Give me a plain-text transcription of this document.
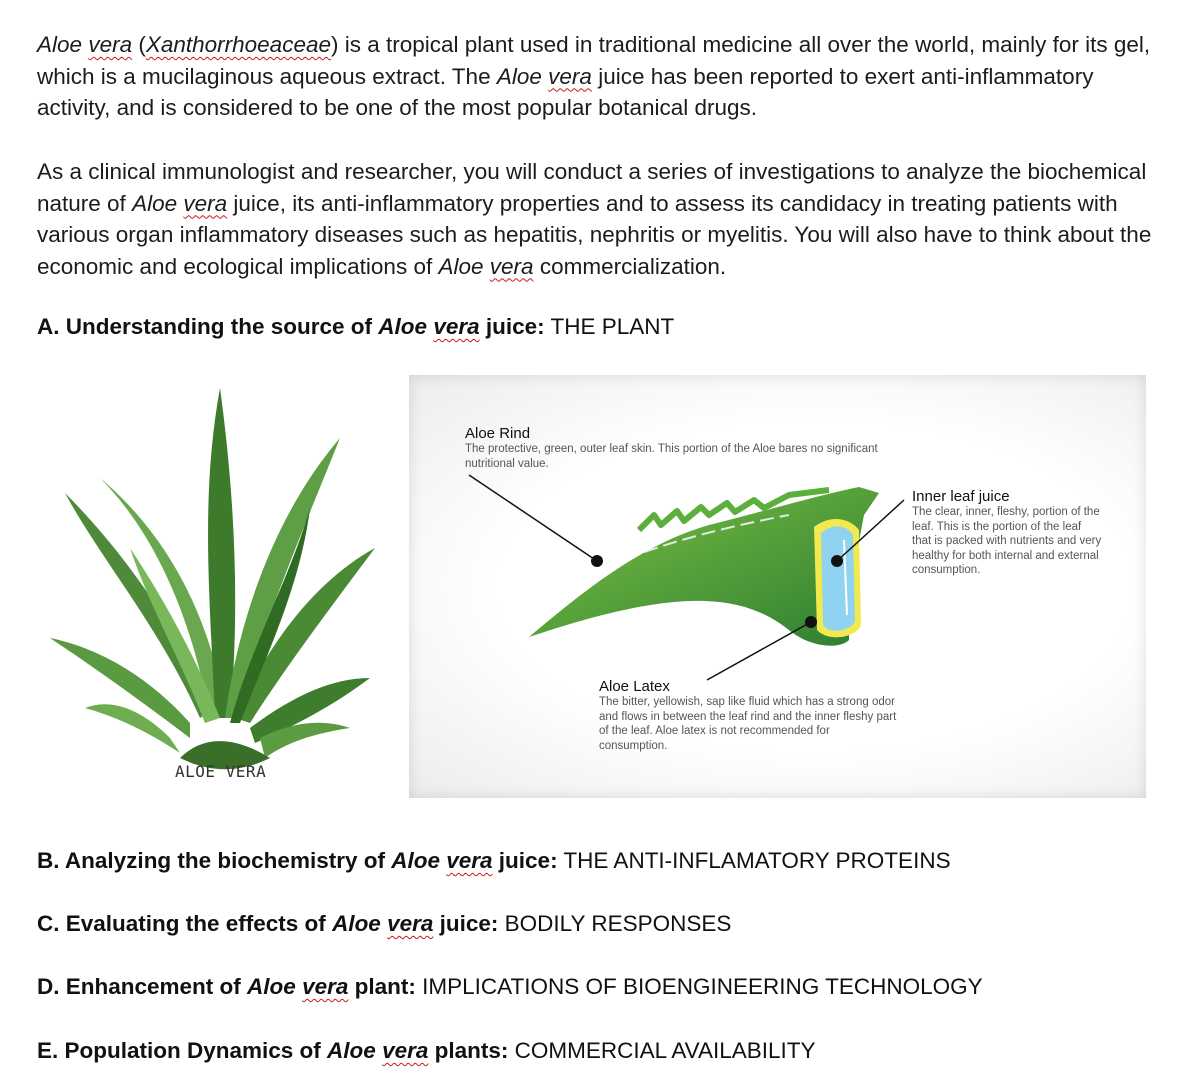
Aloe vera (Xanthorrhoeaceae) is a tropical plant used in traditional medicine all over the world, mainly for its gel, which is a mucilaginous aqueous extract. The Aloe vera juice has been reported to exert anti-inflammatory activity, and is considered to be one of the most popular botanical drugs.

As a clinical immunologist and researcher, you will conduct a series of investigations to analyze the biochemical nature of Aloe vera juice, its anti-inflammatory properties and to assess its candidacy in treating patients with various organ inflammatory diseases such as hepatitis, nephritis or myelitis. You will also have to think about the economic and ecological implications of Aloe vera commercialization.

A. Understanding the source of Aloe vera juice: THE PLANT

ALOE VERA
Aloe Rind
The protective, green, outer leaf skin. This portion of the Aloe bares no significant nutritional value.
Inner leaf juice
The clear, inner, fleshy, portion of the leaf. This is the portion of the leaf that is packed with nutrients and very healthy for both internal and external consumption.
Aloe Latex
The bitter, yellowish, sap like fluid which has a strong odor and flows in between the leaf rind and the inner fleshy part of the leaf. Aloe latex is not recommended for consumption.

B. Analyzing the biochemistry of Aloe vera juice: THE ANTI-INFLAMATORY PROTEINS

C. Evaluating the effects of Aloe vera juice: BODILY RESPONSES

D. Enhancement of Aloe vera plant: IMPLICATIONS OF BIOENGINEERING TECHNOLOGY

E. Population Dynamics of Aloe vera plants: COMMERCIAL AVAILABILITY
